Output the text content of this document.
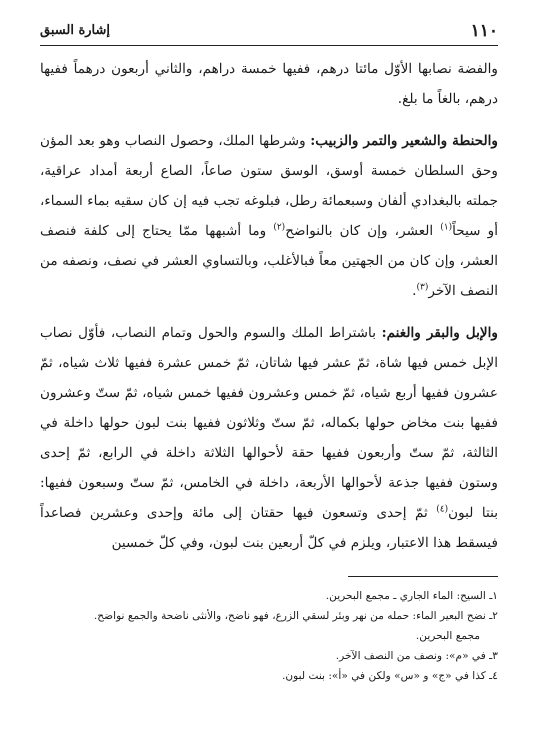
١١٠
إشارة السبق

والفضة نصابها الأوّل مائتا درهم، ففيها خمسة دراهم، والثاني أربعون درهماً ففيها درهم، بالغاً ما بلغ.

والحنطة والشعير والتمر والزبيب: وشرطها الملك، وحصول النصاب وهو بعد المؤن وحق السلطان خمسة أوسق، الوسق ستون صاعاً، الصاع أربعة أمداد عراقية، جملته بالبغدادي ألفان وسبعمائة رطل، فبلوغه تجب فيه إن كان سقيه بماء السماء، أو سيحاً$^{(١)}$ العشر، وإن كان بالنواضح$^{(٢)}$ وما أشبهها ممّا يحتاج إلى كلفة فنصف العشر، وإن كان من الجهتين معاً فبالأغلب، وبالتساوي العشر في نصف، ونصفه من النصف الآخر$^{(٣)}$.

والإبل والبقر والغنم: باشتراط الملك والسوم والحول وتمام النصاب، فأوّل نصاب الإبل خمس فيها شاة، ثمّ عشر فيها شاتان، ثمّ خمس عشرة ففيها ثلاث شياه، ثمّ عشرون ففيها أربع شياه، ثمّ خمس وعشرون ففيها خمس شياه، ثمّ ستّ وعشرون ففيها بنت مخاض حولها بكماله، ثمّ ستّ وثلاثون ففيها بنت لبون حولها داخلة في الثالثة، ثمّ ستّ وأربعون ففيها حقة لأحوالها الثلاثة داخلة في الرابع، ثمّ إحدى وستون ففيها جذعة لأحوالها الأربعة، داخلة في الخامس، ثمّ ستّ وسبعون ففيها: بنتا لبون$^{(٤)}$ ثمّ إحدى وتسعون فيها حقتان إلى مائة وإحدى وعشرين فصاعداً فيسقط هذا الاعتبار، ويلزم في كلّ أربعين بنت لبون، وفي كلّ خمسين

١ـ السيح: الماء الجاري ـ مجمع البحرين.

٢ـ نضح البعير الماء: حمله من نهر وبئر لسقي الزرع، فهو ناضح، والأنثى ناضحة والجمع نواضح.

مجمع البحرين.

٣ـ في «م»: ونصف من النصف الآخر.

٤ـ كذا في «ج» و «س» ولكن في «أ»: بنت لبون.
